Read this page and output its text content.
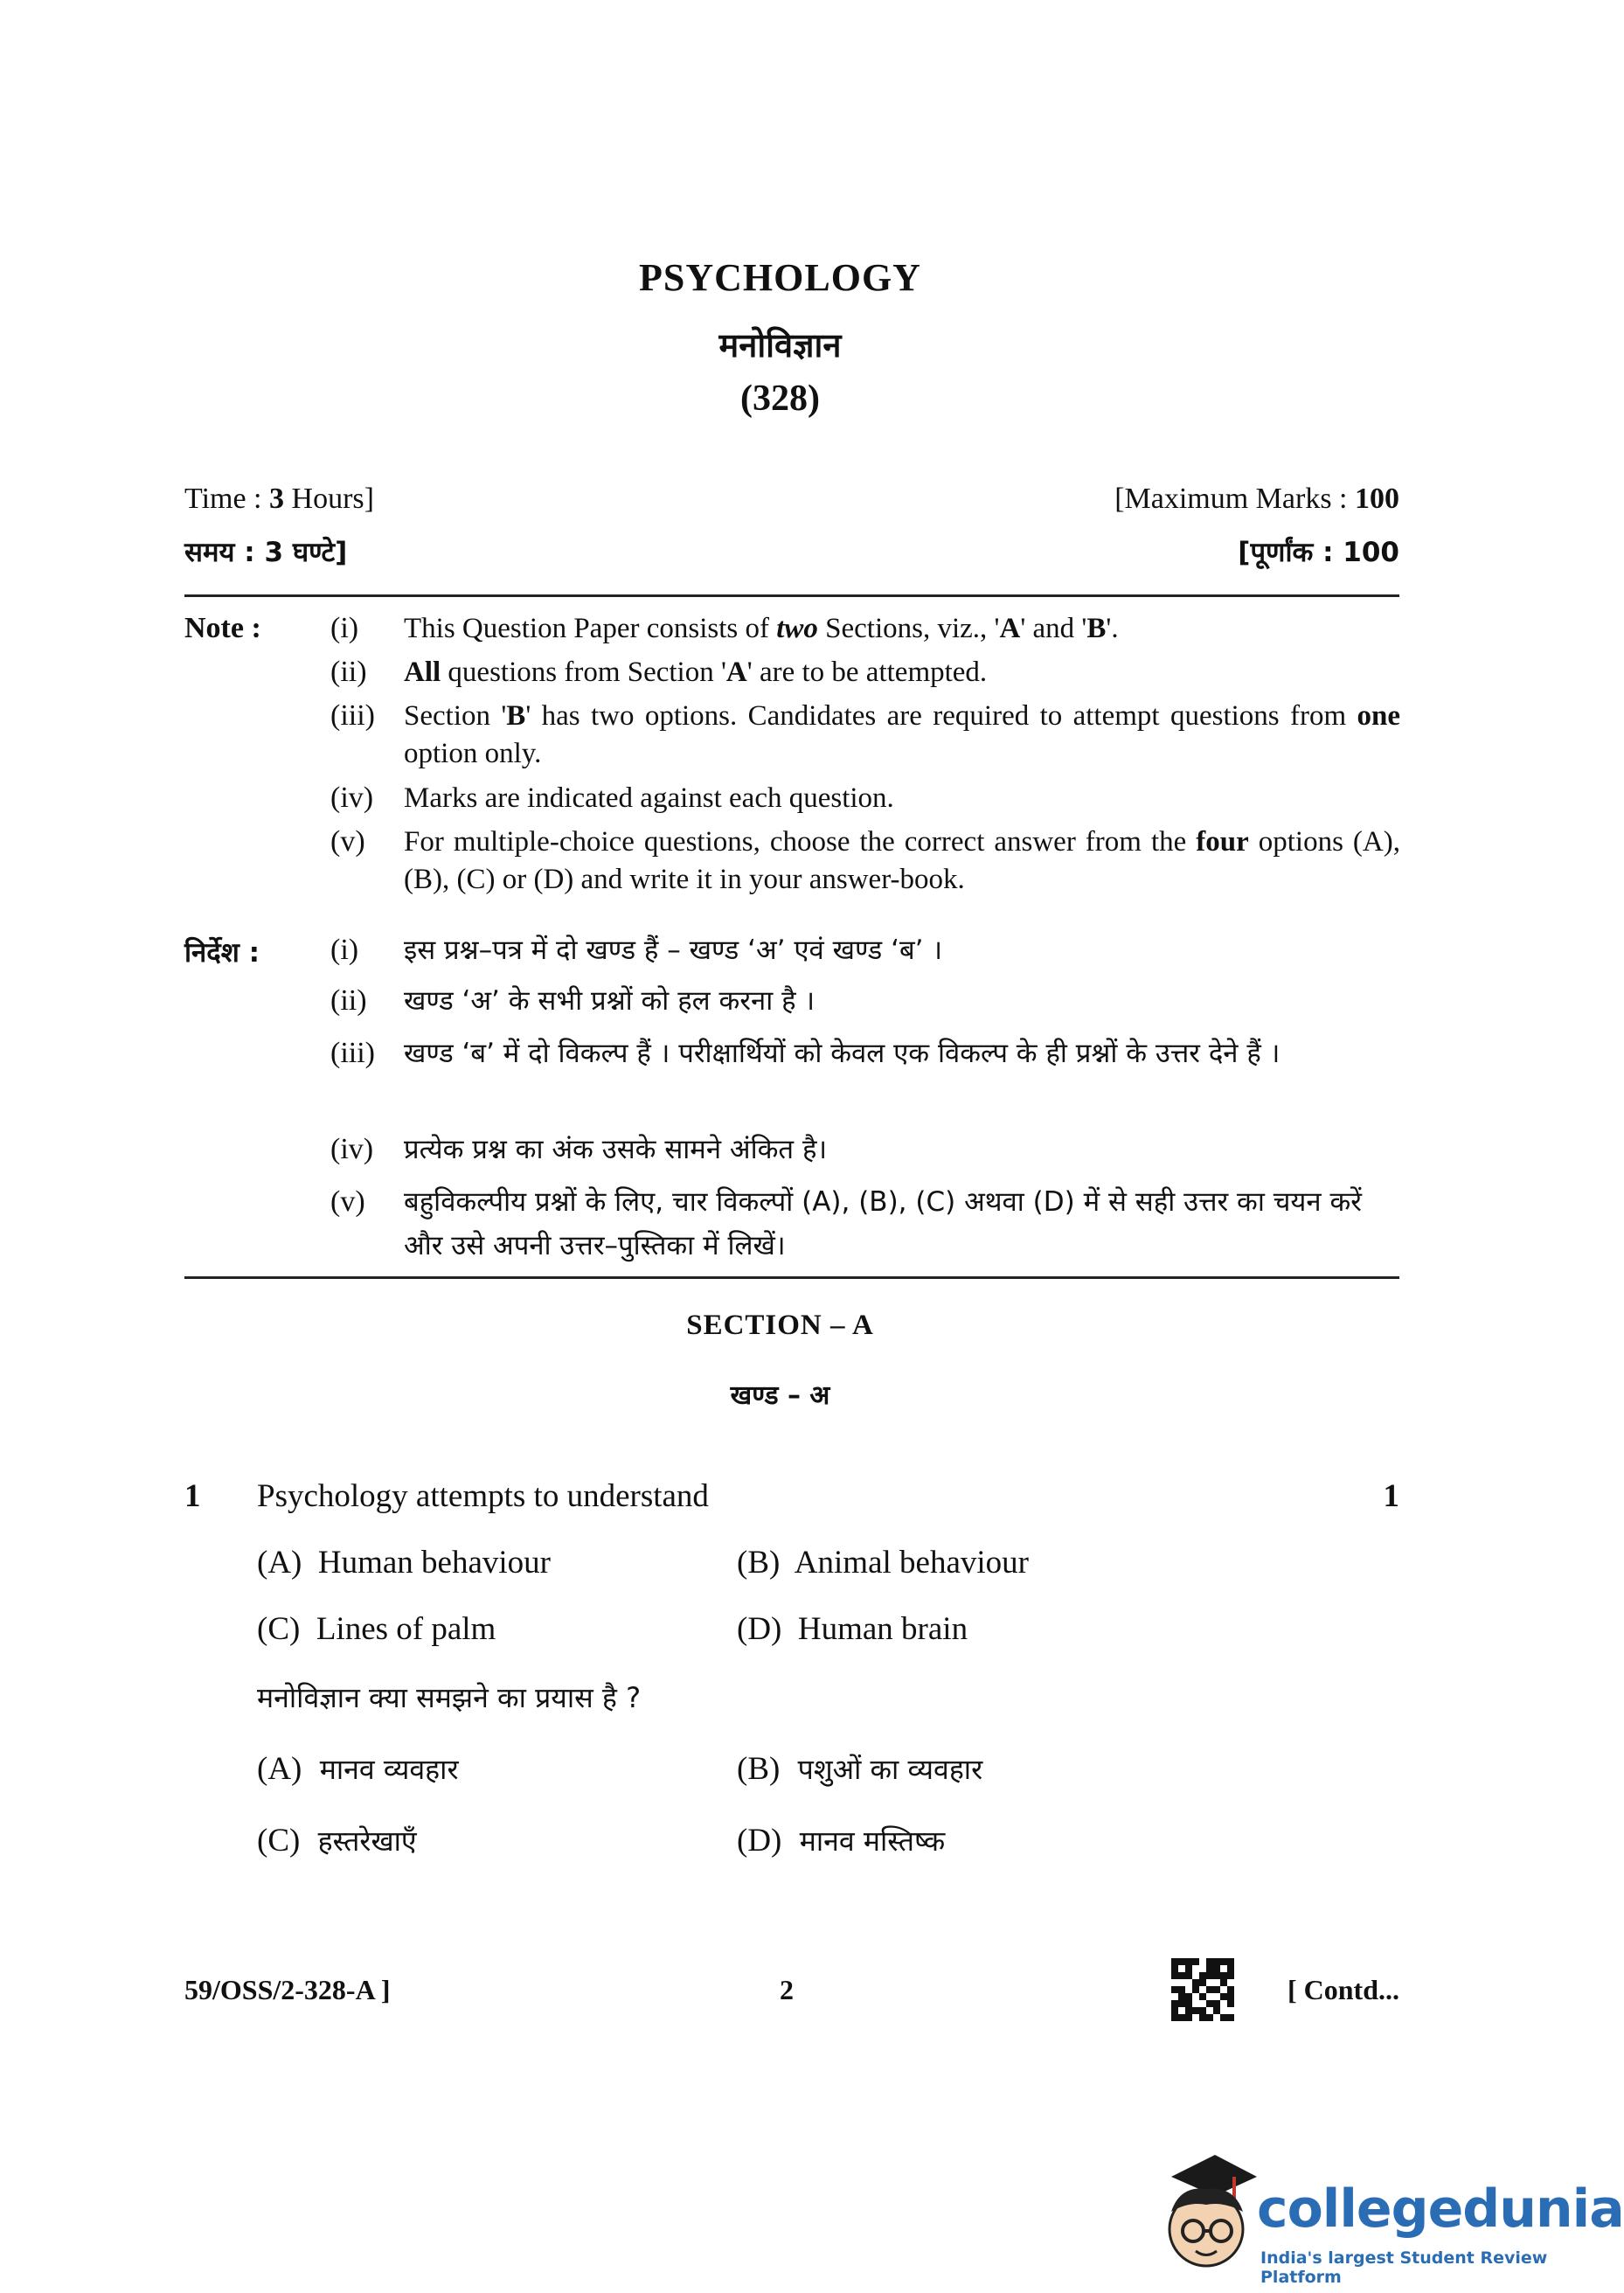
PSYCHOLOGY
मनोविज्ञान
(328)
Time : 3 Hours]	[Maximum Marks : 100
समय : 3 घण्टे]	[पूर्णांक : 100
Note : (i) This Question Paper consists of two Sections, viz., 'A' and 'B'.
(ii) All questions from Section 'A' are to be attempted.
(iii) Section 'B' has two options. Candidates are required to attempt questions from one option only.
(iv) Marks are indicated against each question.
(v) For multiple-choice questions, choose the correct answer from the four options (A), (B), (C) or (D) and write it in your answer-book.
निर्देश : (i) इस प्रश्न–पत्र में दो खण्ड हैं – खण्ड ‘अ’ एवं खण्ड ‘ब’ ।
(ii) खण्ड ‘अ’ के सभी प्रश्नों को हल करना है ।
(iii) खण्ड ‘ब’ में दो विकल्प हैं । परीक्षार्थियों को केवल एक विकल्प के ही प्रश्नों के उत्तर देने हैं ।
(iv) प्रत्येक प्रश्न का अंक उसके सामने अंकित है।
(v) बहुविकल्पीय प्रश्नों के लिए, चार विकल्पों (A), (B), (C) अथवा (D) में से सही उत्तर का चयन करें और उसे अपनी उत्तर–पुस्तिका में लिखें।
SECTION – A
खण्ड – अ
1 Psychology attempts to understand	1
(A) Human behaviour	(B) Animal behaviour
(C) Lines of palm	(D) Human brain
मनोविज्ञान क्या समझने का प्रयास है ?
(A) मानव व्यवहार	(B) पशुओं का व्यवहार
(C) हस्तरेखाएँ	(D) मानव मस्तिष्क
59/OSS/2-328-A ]	2	[ Contd...
collegedunia
India's largest Student Review Platform
